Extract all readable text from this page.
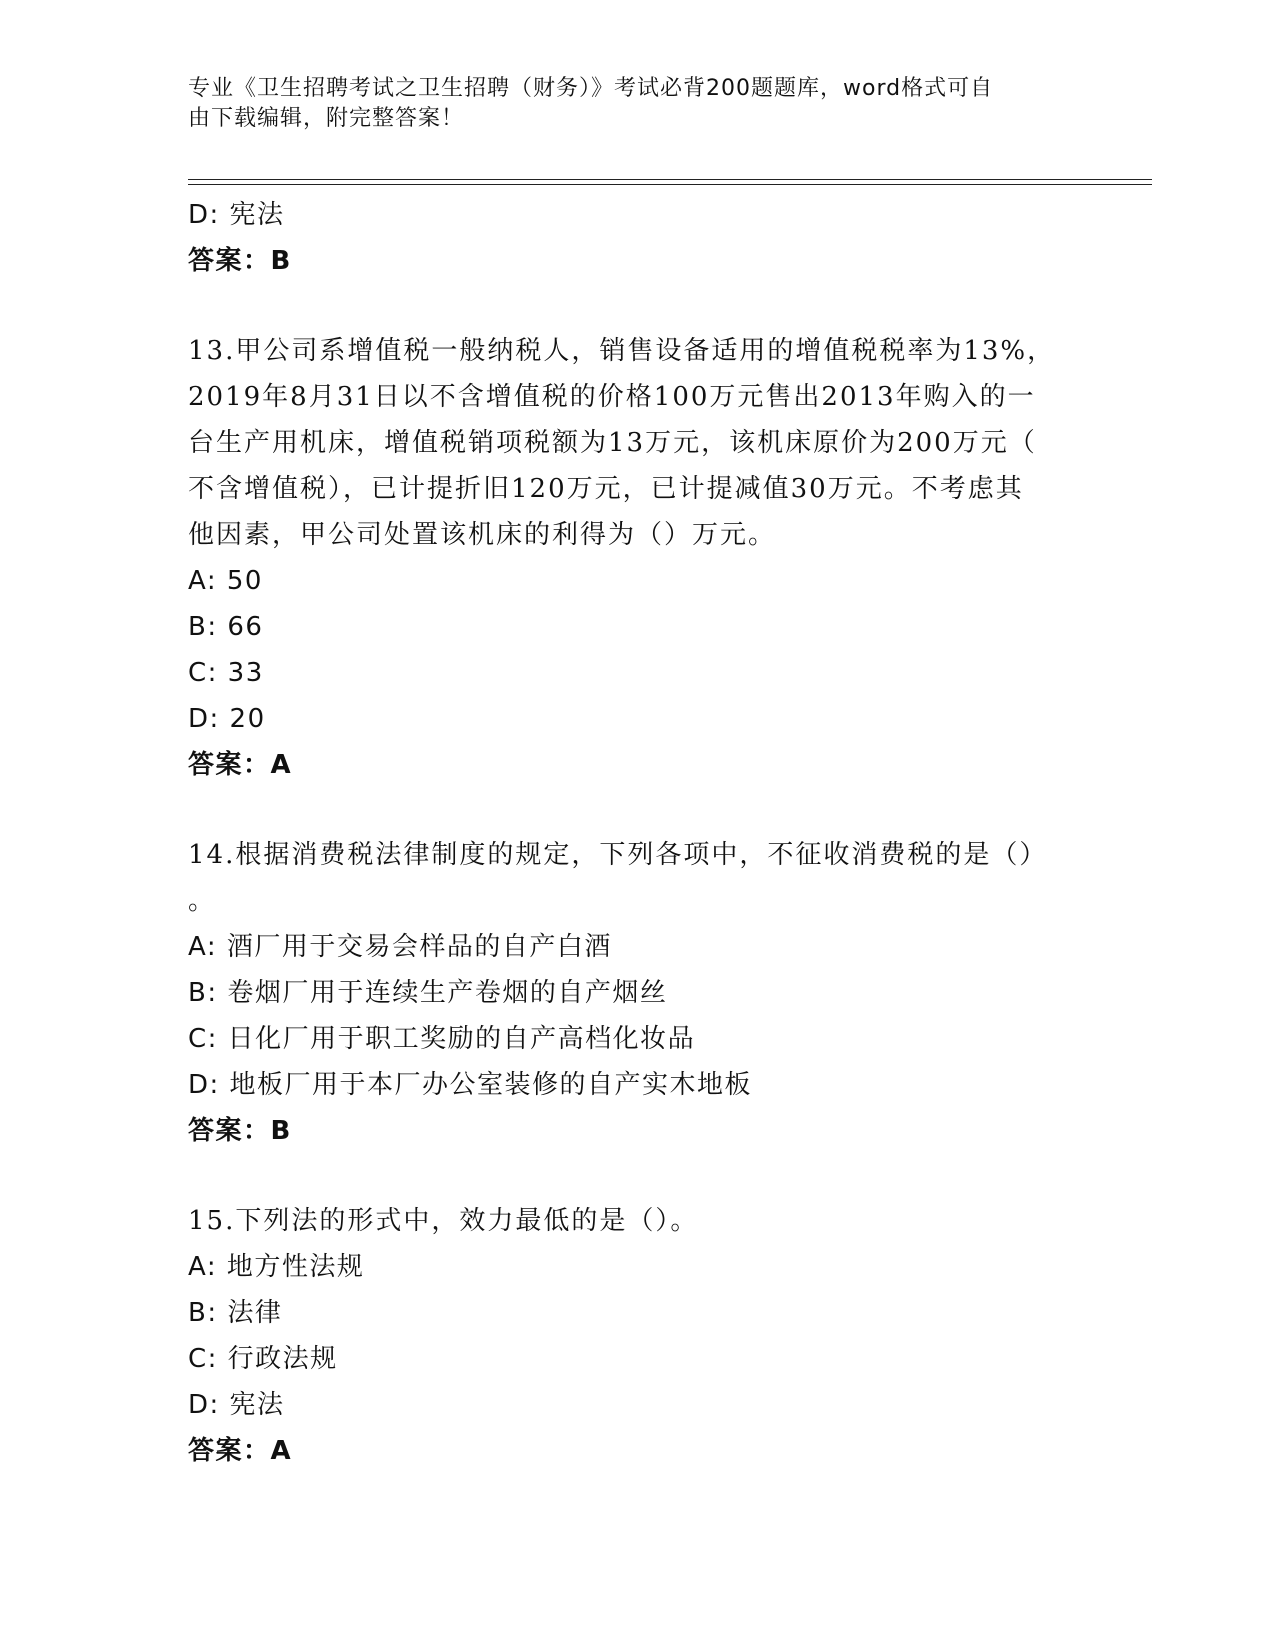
专业《卫生招聘考试之卫生招聘（财务）》考试必背200题题库，word格式可自

由下载编辑，附完整答案！

D: 宪法

答案：B

13.甲公司系增值税一般纳税人，销售设备适用的增值税税率为13%，

2019年8月31日以不含增值税的价格100万元售出2013年购入的一

台生产用机床，增值税销项税额为13万元，该机床原价为200万元（

不含增值税），已计提折旧120万元，已计提减值30万元。不考虑其

他因素，甲公司处置该机床的利得为（）万元。

A: 50

B: 66

C: 33

D: 20

答案：A

14.根据消费税法律制度的规定，下列各项中，不征收消费税的是（）

。

A: 酒厂用于交易会样品的自产白酒

B: 卷烟厂用于连续生产卷烟的自产烟丝

C: 日化厂用于职工奖励的自产高档化妆品

D: 地板厂用于本厂办公室装修的自产实木地板

答案：B

15.下列法的形式中，效力最低的是（）。

A: 地方性法规

B: 法律

C: 行政法规

D: 宪法

答案：A
